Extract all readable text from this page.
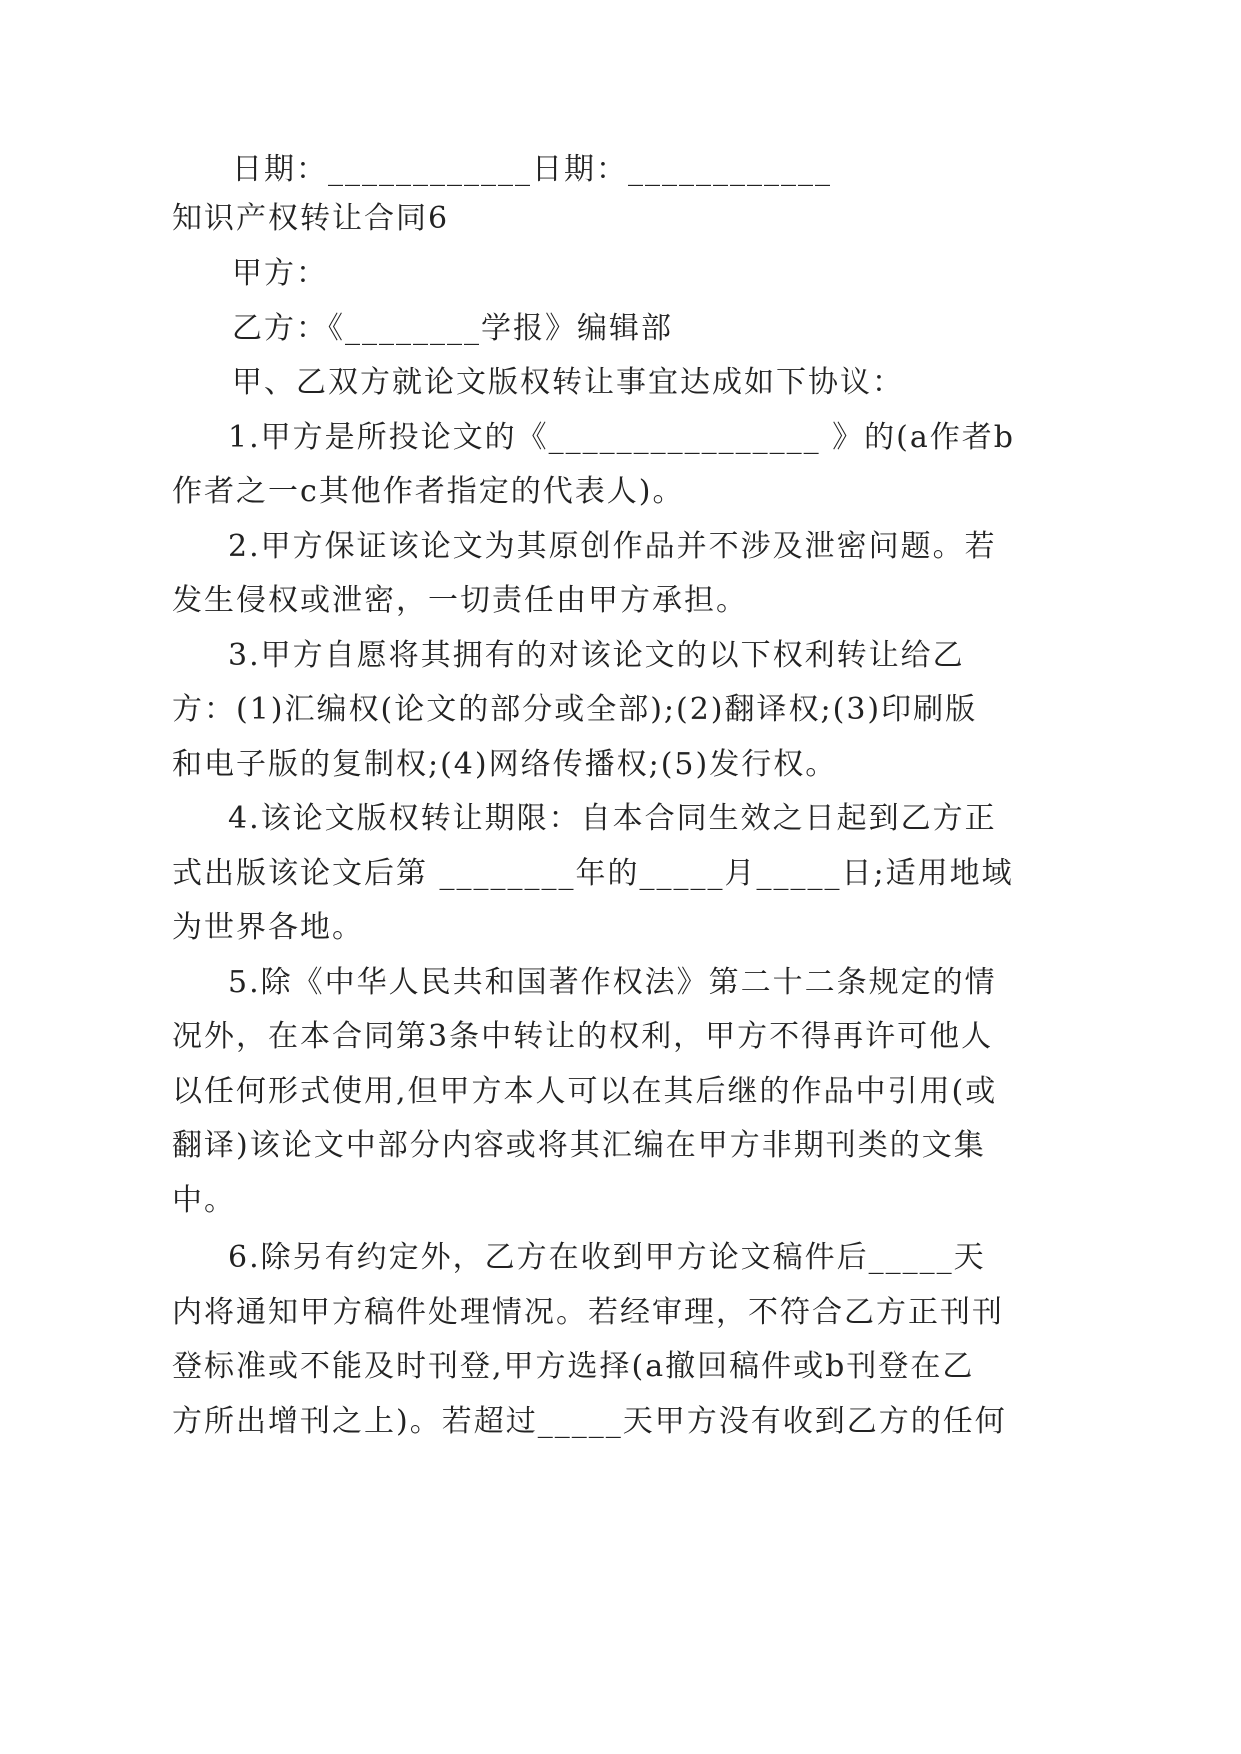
日期：____________日期：____________
知识产权转让合同6
甲方：
乙方：《________学报》编辑部
甲、乙双方就论文版权转让事宜达成如下协议：
1.甲方是所投论文的《________________ 》的(a作者b
作者之一c其他作者指定的代表人)。
2.甲方保证该论文为其原创作品并不涉及泄密问题。若
发生侵权或泄密，一切责任由甲方承担。
3.甲方自愿将其拥有的对该论文的以下权利转让给乙
方：(1)汇编权(论文的部分或全部);(2)翻译权;(3)印刷版
和电子版的复制权;(4)网络传播权;(5)发行权。
4.该论文版权转让期限：自本合同生效之日起到乙方正
式出版该论文后第 ________年的_____月_____日;适用地域
为世界各地。
5.除《中华人民共和国著作权法》第二十二条规定的情
况外，在本合同第3条中转让的权利，甲方不得再许可他人
以任何形式使用,但甲方本人可以在其后继的作品中引用(或
翻译)该论文中部分内容或将其汇编在甲方非期刊类的文集
中。
6.除另有约定外，乙方在收到甲方论文稿件后_____天
内将通知甲方稿件处理情况。若经审理，不符合乙方正刊刊
登标准或不能及时刊登,甲方选择(a撤回稿件或b刊登在乙
方所出增刊之上)。若超过_____天甲方没有收到乙方的任何
